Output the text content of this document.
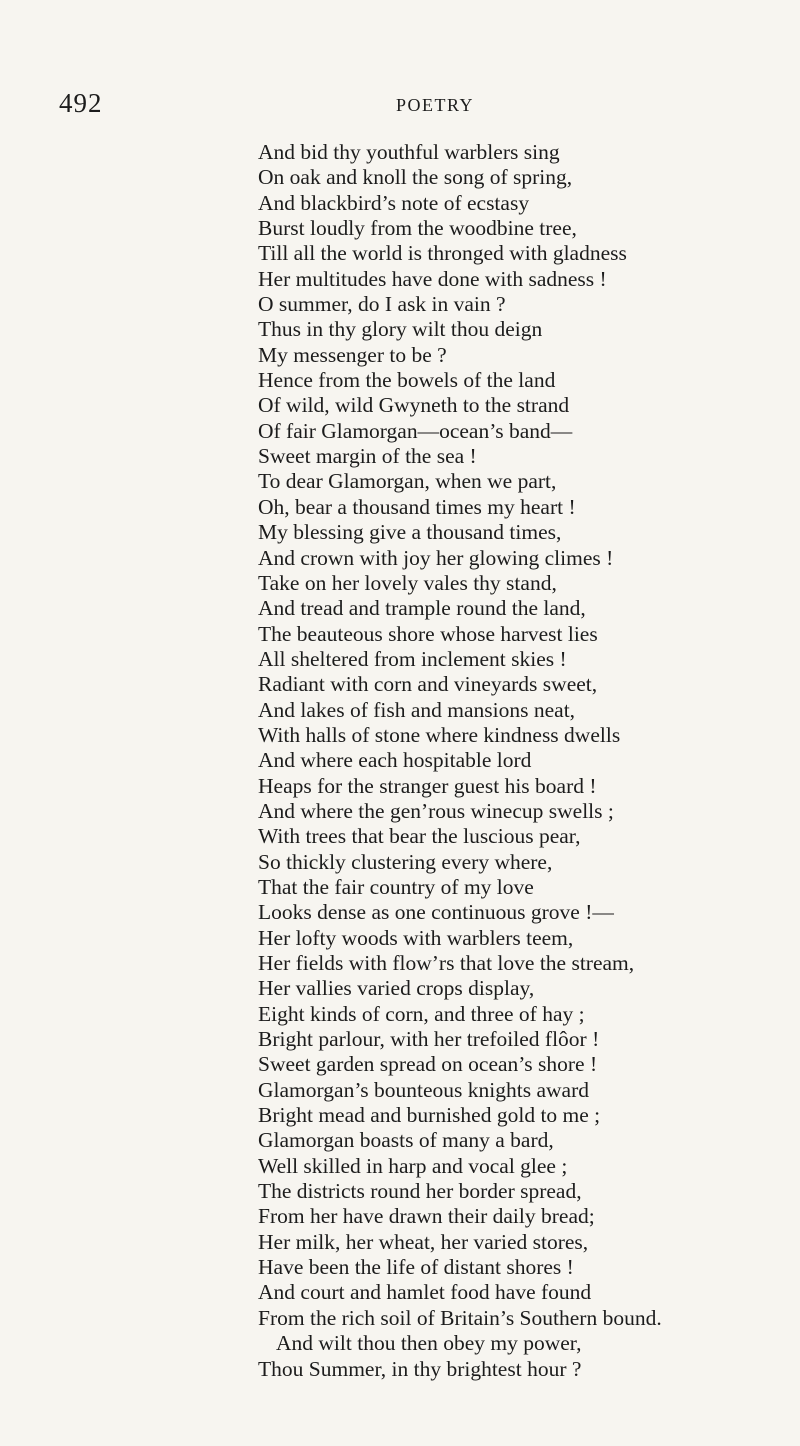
492	POETRY
And bid thy youthful warblers sing
On oak and knoll the song of spring,
And blackbird’s note of ecstasy
Burst loudly from the woodbine tree,
Till all the world is thronged with gladness
Her multitudes have done with sadness !
O summer, do I ask in vain ?
Thus in thy glory wilt thou deign
My messenger to be ?
Hence from the bowels of the land
Of wild, wild Gwyneth to the strand
Of fair Glamorgan—ocean’s band—
Sweet margin of the sea !
To dear Glamorgan, when we part,
Oh, bear a thousand times my heart !
My blessing give a thousand times,
And crown with joy her glowing climes !
Take on her lovely vales thy stand,
And tread and trample round the land,
The beauteous shore whose harvest lies
All sheltered from inclement skies !
Radiant with corn and vineyards sweet,
And lakes of fish and mansions neat,
With halls of stone where kindness dwells
And where each hospitable lord
Heaps for the stranger guest his board !
And where the gen’rous winecup swells ;
With trees that bear the luscious pear,
So thickly clustering every where,
That the fair country of my love
Looks dense as one continuous grove !—
Her lofty woods with warblers teem,
Her fields with flow’rs that love the stream,
Her vallies varied crops display,
Eight kinds of corn, and three of hay ;
Bright parlour, with her trefoiled flôor !
Sweet garden spread on ocean’s shore !
Glamorgan’s bounteous knights award
Bright mead and burnished gold to me ;
Glamorgan boasts of many a bard,
Well skilled in harp and vocal glee ;
The districts round her border spread,
From her have drawn their daily bread;
Her milk, her wheat, her varied stores,
Have been the life of distant shores !
And court and hamlet food have found
From the rich soil of Britain’s Southern bound.
And wilt thou then obey my power,
Thou Summer, in thy brightest hour ?
